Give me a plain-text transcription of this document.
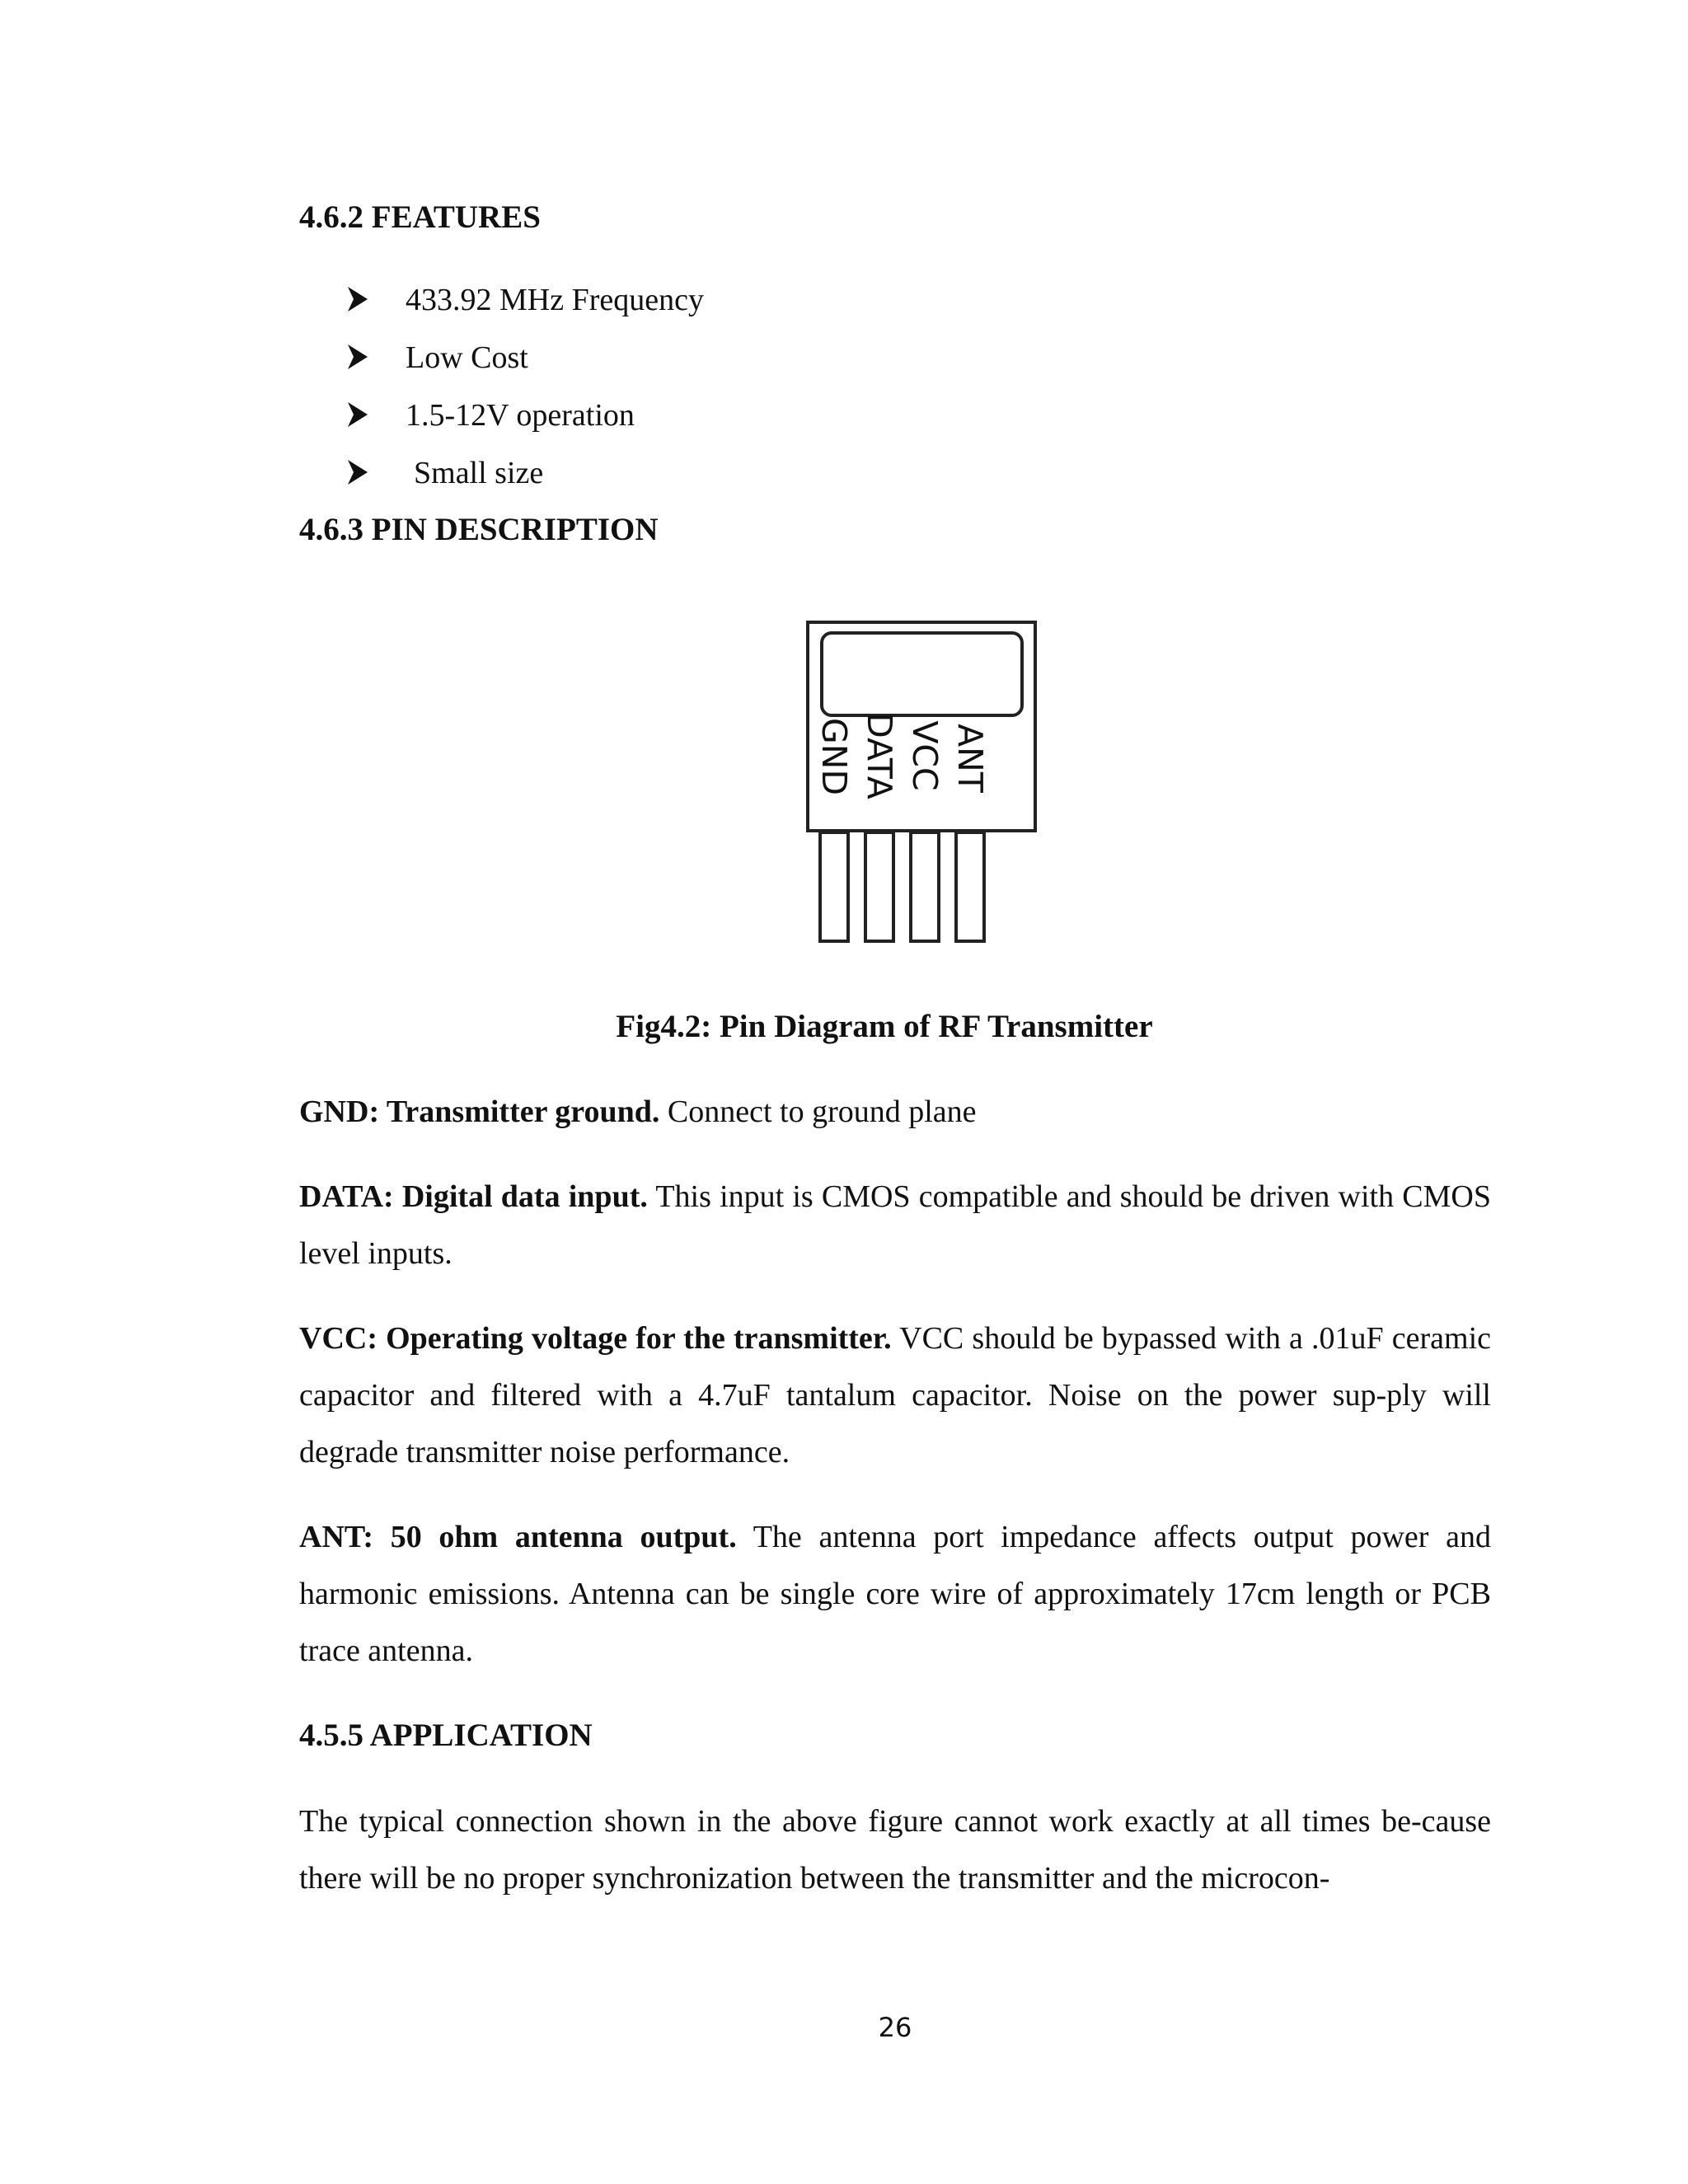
4.6.2 FEATURES
433.92 MHz Frequency
Low Cost
1.5-12V operation
Small size
4.6.3 PIN DESCRIPTION
GND DATA VCC ANT
Fig4.2: Pin Diagram of RF Transmitter

GND: Transmitter ground. Connect to ground plane

DATA: Digital data input. This input is CMOS compatible and should be driven with CMOS level inputs.

VCC: Operating voltage for the transmitter. VCC should be bypassed with a .01uF ceramic capacitor and filtered with a 4.7uF tantalum capacitor. Noise on the power sup-ply will degrade transmitter noise performance.

ANT: 50 ohm antenna output. The antenna port impedance affects output power and harmonic emissions. Antenna can be single core wire of approximately 17cm length or PCB trace antenna.

4.5.5 APPLICATION

The typical connection shown in the above figure cannot work exactly at all times be-cause there will be no proper synchronization between the transmitter and the microcon-

26
